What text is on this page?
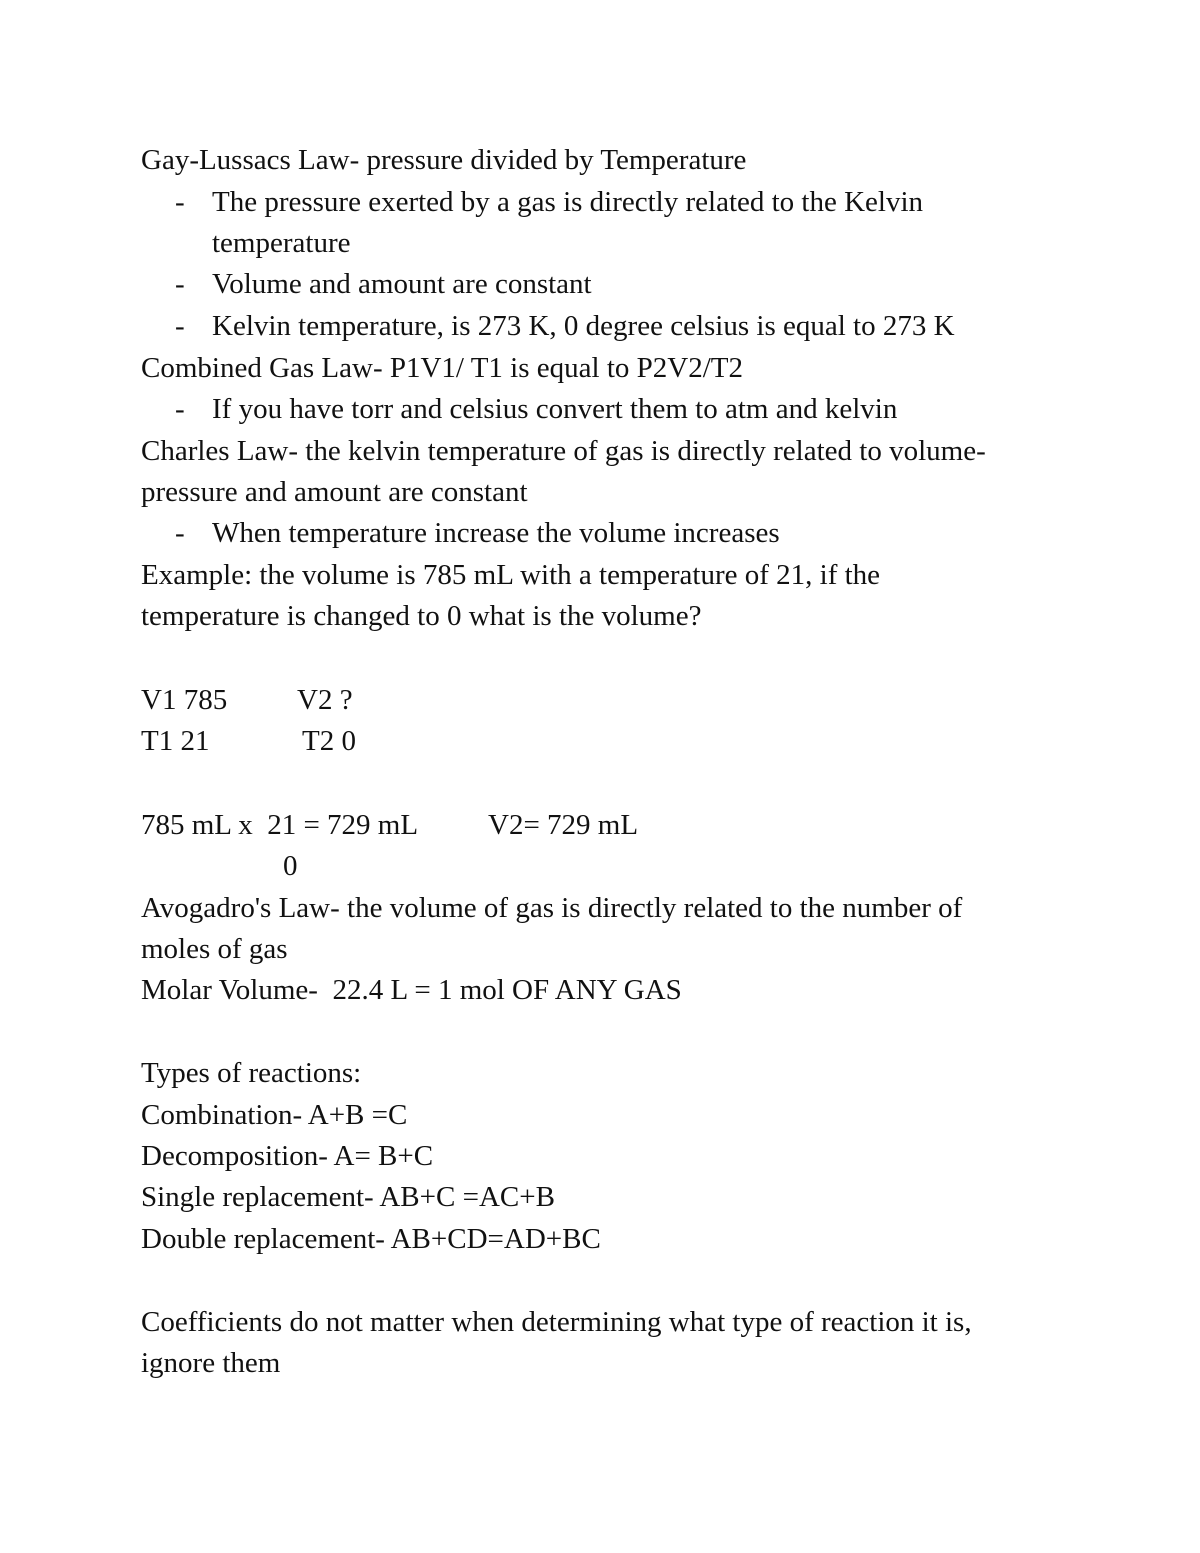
Gay-Lussacs Law- pressure divided by Temperature
- The pressure exerted by a gas is directly related to the Kelvin
temperature
- Volume and amount are constant
- Kelvin temperature, is 273 K, 0 degree celsius is equal to 273 K
Combined Gas Law- P1V1/ T1 is equal to P2V2/T2
- If you have torr and celsius convert them to atm and kelvin
Charles Law- the kelvin temperature of gas is directly related to volume-
pressure and amount are constant
- When temperature increase the volume increases
Example: the volume is 785 mL with a temperature of 21, if the
temperature is changed to 0 what is the volume?
V1 785 V2 ?
T1 21	T2 0
785 mL x  21 = 729 mL V2= 729 mL
0
Avogadro's Law- the volume of gas is directly related to the number of
moles of gas
Molar Volume-  22.4 L = 1 mol OF ANY GAS
Types of reactions:
Combination- A+B =C
Decomposition- A= B+C
Single replacement- AB+C =AC+B
Double replacement- AB+CD=AD+BC
Coefficients do not matter when determining what type of reaction it is,
ignore them
